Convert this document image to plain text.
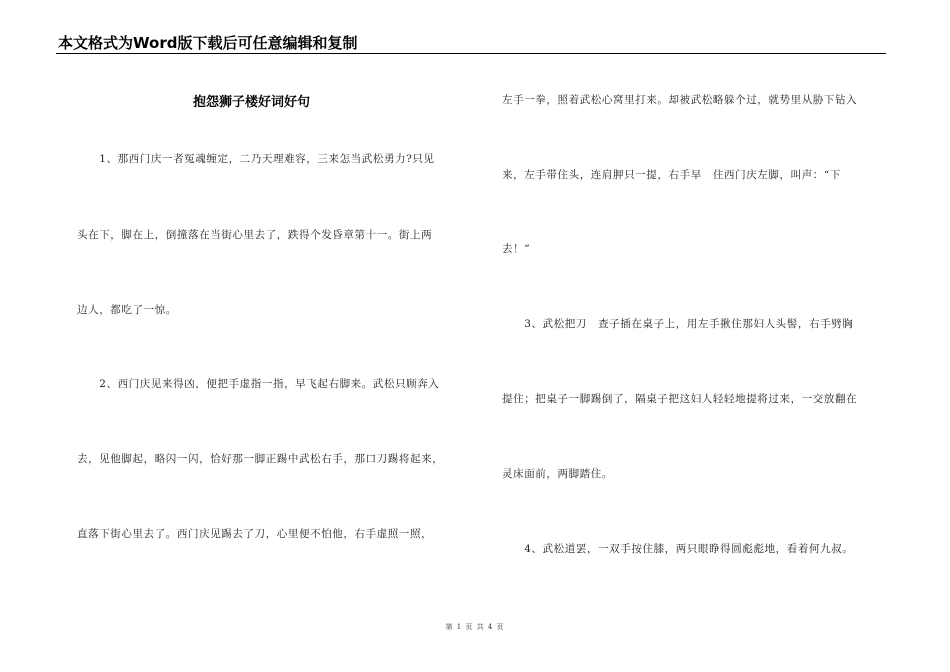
本文格式为Word版下载后可任意编辑和复制
抱怨狮子楼好词好句
　　1、那西门庆一者冤魂缠定，二乃天理难容，三来怎当武松勇力?只见
头在下，脚在上，倒撞落在当街心里去了，跌得个发昏章第十一。街上两
边人，都吃了一惊。
　　2、西门庆见来得凶，便把手虚指一指，早飞起右脚来。武松只顾奔入
去，见他脚起，略闪一闪，恰好那一脚正踢中武松右手，那口刀踢将起来，
直落下街心里去了。西门庆见踢去了刀，心里便不怕他，右手虚照一照，
左手一拳，照着武松心窝里打来。却被武松略躲个过，就势里从胁下钻入
来，左手带住头，连肩胛只一提，右手早　住西门庆左脚，叫声：“下
去！”
　　3、武松把刀　查子插在桌子上，用左手揪住那妇人头髻，右手劈胸
提住；把桌子一脚踢倒了，隔桌子把这妇人轻轻地提将过来，一交放翻在
灵床面前，两脚踏住。
　　4、武松道罢，一双手按住膝，两只眼睁得圆彪彪地，看着何九叔。
第 1 页 共 4 页
